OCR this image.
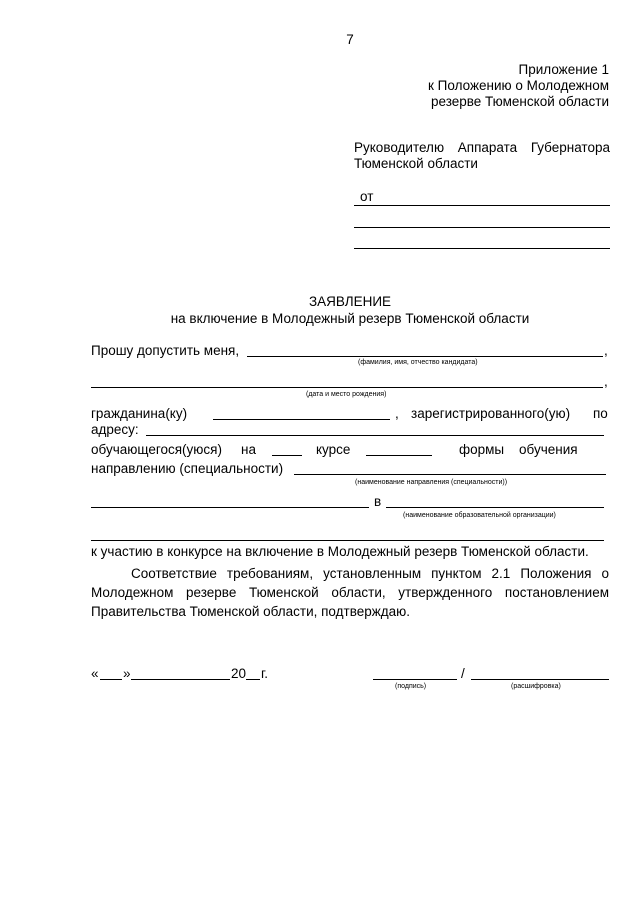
7
Приложение 1
к Положению о Молодежном
резерве Тюменской области
Руководителю Аппарата Губернатора
Тюменской области
от
ЗАЯВЛЕНИЕ
на включение в Молодежный резерв Тюменской области
Прошу допустить меня,	,
(фамилия, имя, отчество кандидата)
,
(дата и место рождения)
гражданина(ку)	, зарегистрированного(ую) по
адресу:
обучающегося(уюся) на	курсе	формы обучения
направлению (специальности)
(наименование направления (специальности))
в
(наименование образовательной организации)
к участию в конкурсе на включение в Молодежный резерв Тюменской области.
Соответствие требованиям, установленным пунктом 2.1 Положения о Молодежном резерве Тюменской области, утвержденного постановлением Правительства Тюменской области, подтверждаю.
« »	20 г.	/
(подпись)	(расшифровка)
